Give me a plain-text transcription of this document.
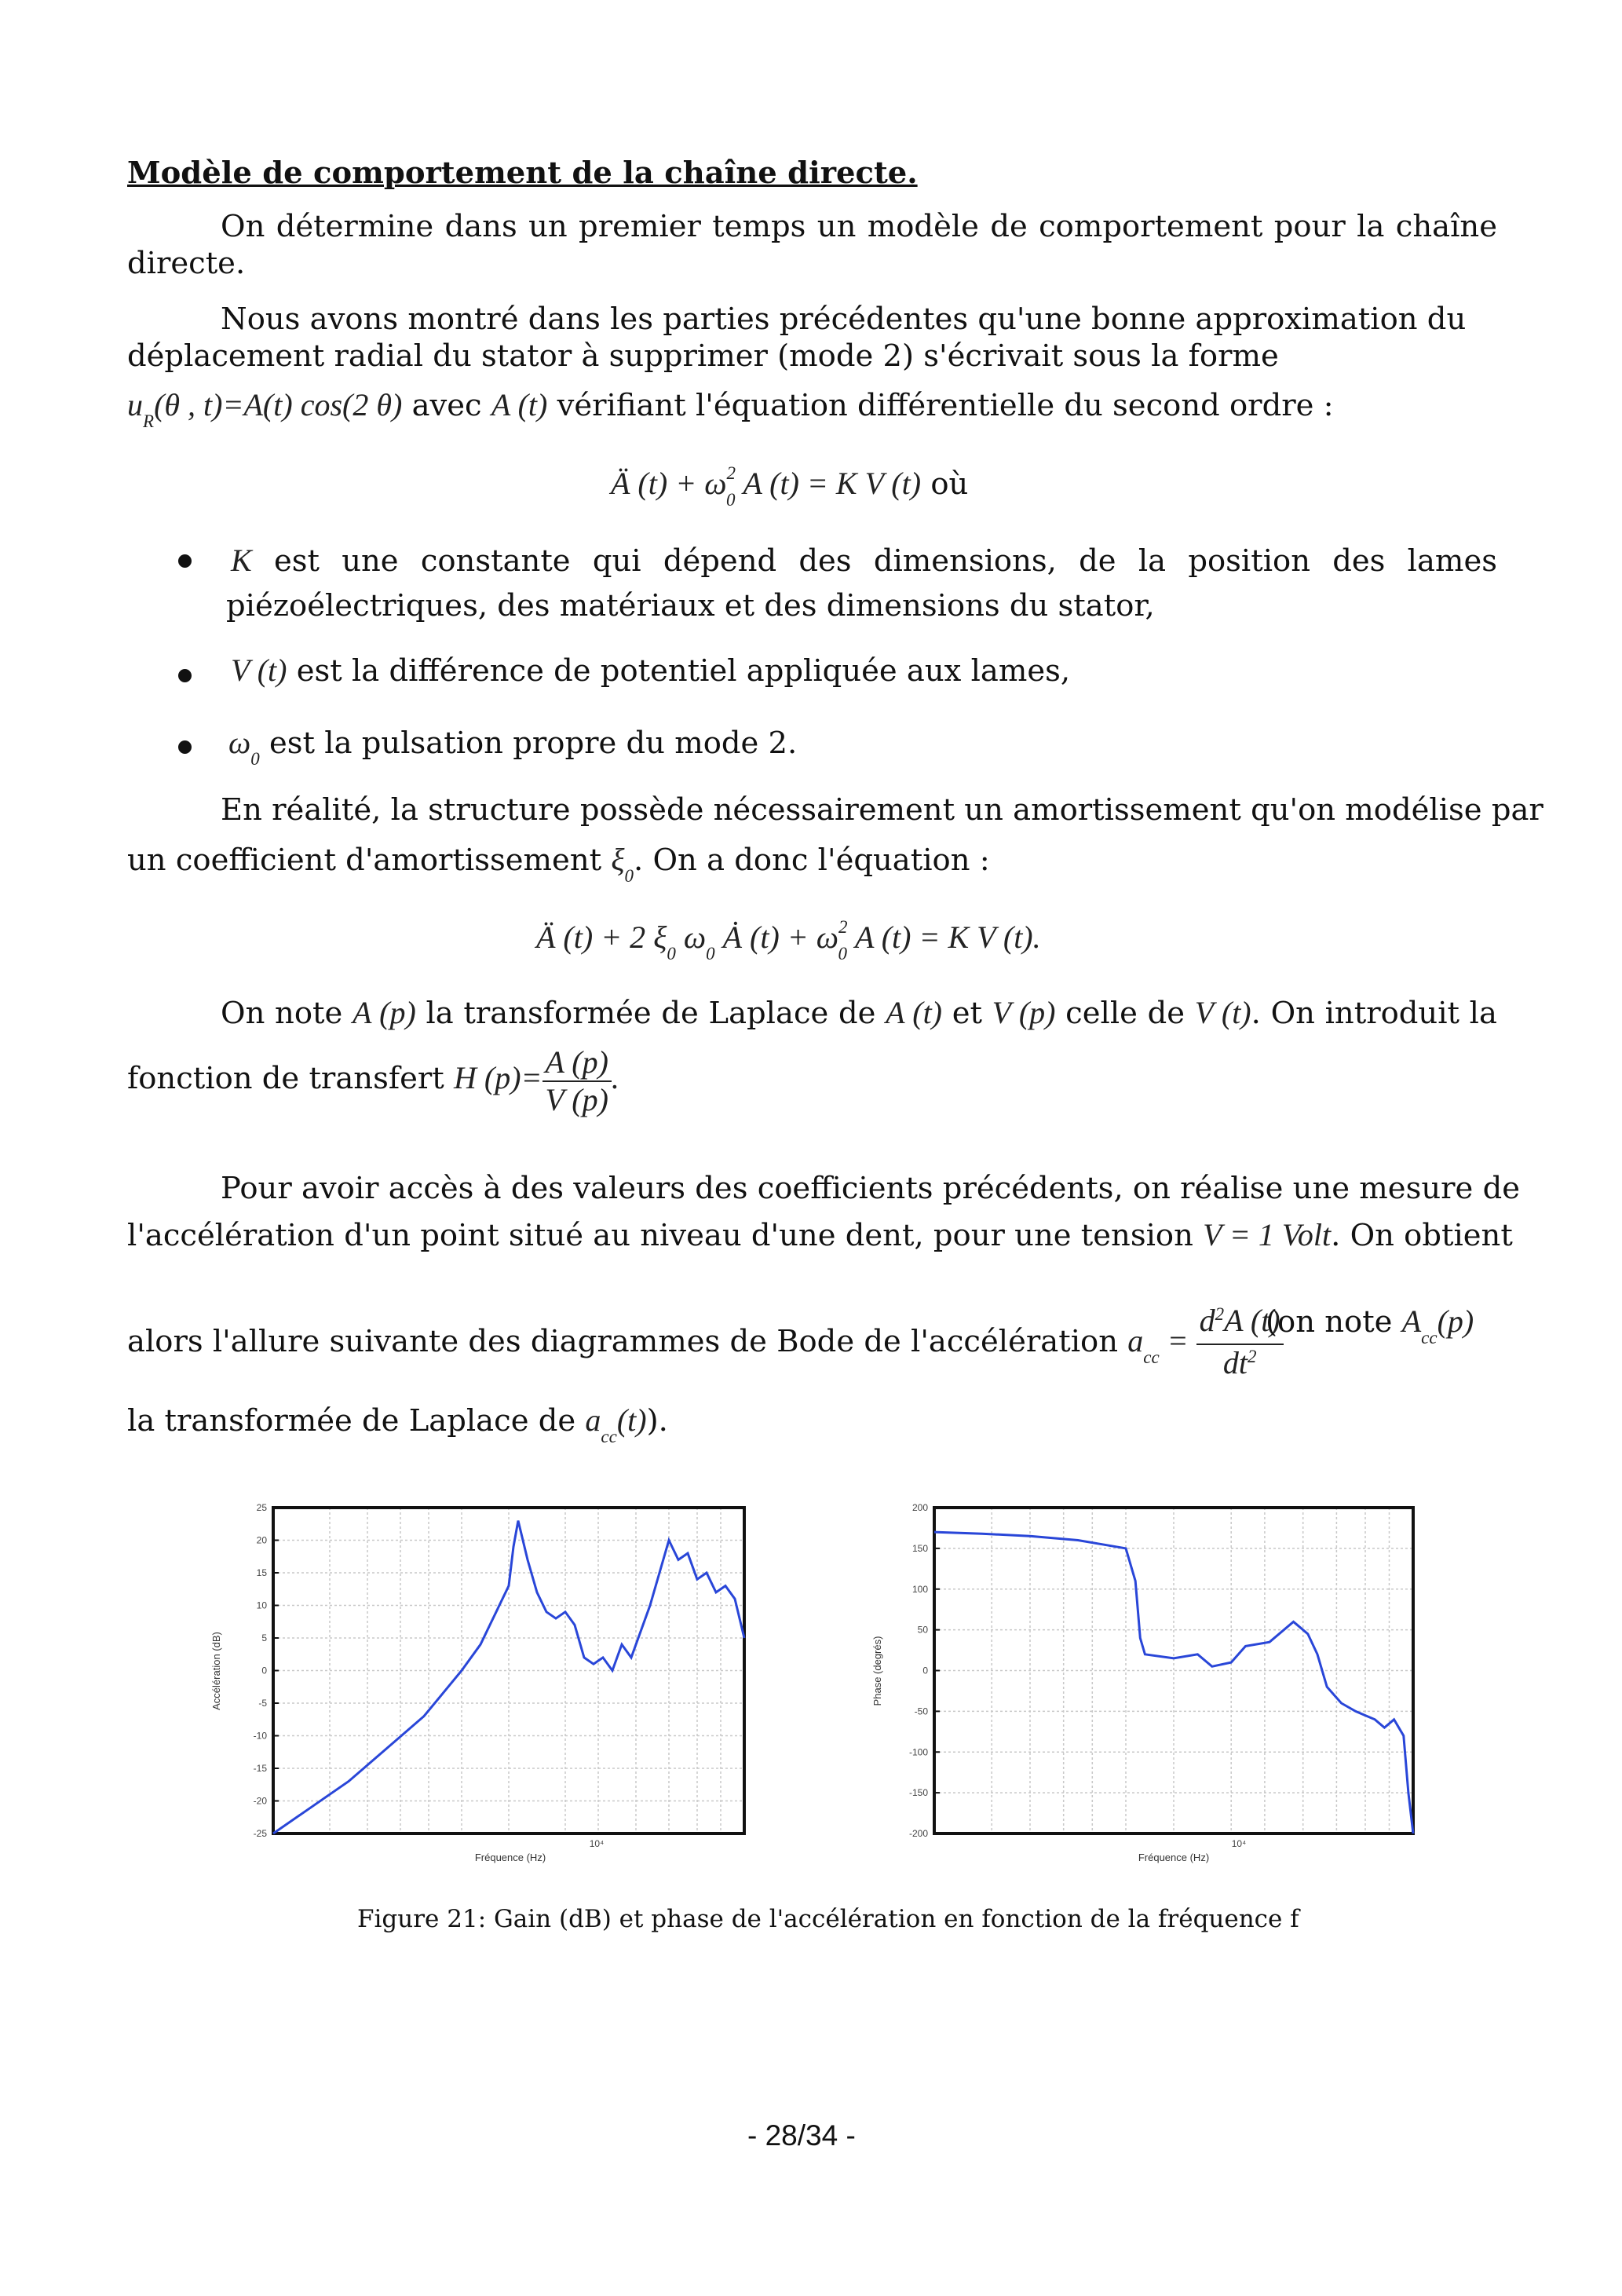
Modèle de comportement de la chaîne directe.
On détermine dans un premier temps un modèle de comportement pour la chaîne
directe.
Nous avons montré dans les parties précédentes qu'une bonne approximation du
déplacement radial du stator à supprimer (mode 2) s'écrivait sous la forme
$u_R(\theta$ , t)=A(t) cos(2 θ) avec A (t) vérifiant l'équation différentielle du second ordre :
Ä $(t) + \omega^2_0$ A (t) = K V (t) où
K est une constante qui dépend des dimensions, de la position des lames
piézoélectriques, des matériaux et des dimensions du stator,
V (t) est la différence de potentiel appliquée aux lames,
$\omega_0$ est la pulsation propre du mode 2.
En réalité, la structure possède nécessairement un amortissement qu'on modélise par
un coefficient d'amortissement $\xi_0$. On a donc l'équation :
Ä (t) + 2 $\xi_0$ $\omega_0$ Ȧ $(t) + \omega^2_0$ A (t) = K V (t).
On note A (p) la transformée de Laplace de A (t) et V (p) celle de V (t). On introduit la
fonction de transfert H $(p)= \frac{A (p)}{V (p)}$ .
Pour avoir accès à des valeurs des coefficients précédents, on réalise une mesure de
l'accélération d'un point situé au niveau d'une dent, pour une tension V = 1 Volt. On obtient
alors l'allure suivante des diagrammes de Bode de l'accélération $a_{cc} = \frac{d^2A (t)}{dt^2}$
(on note $A_{cc}(p)$
la transformée de Laplace de $a_{cc}(t)$).
25
20
15
10
5
0
-5
-10
-15
-20
-25
10⁴
Fréquence (Hz)
Accélération (dB)
200
150
100
50
0
-50
-100
-150
-200
10⁴
Fréquence (Hz)
Phase (degrés)
Figure 21: Gain (dB) et phase de l'accélération en fonction de la fréquence f
- 28/34 -
